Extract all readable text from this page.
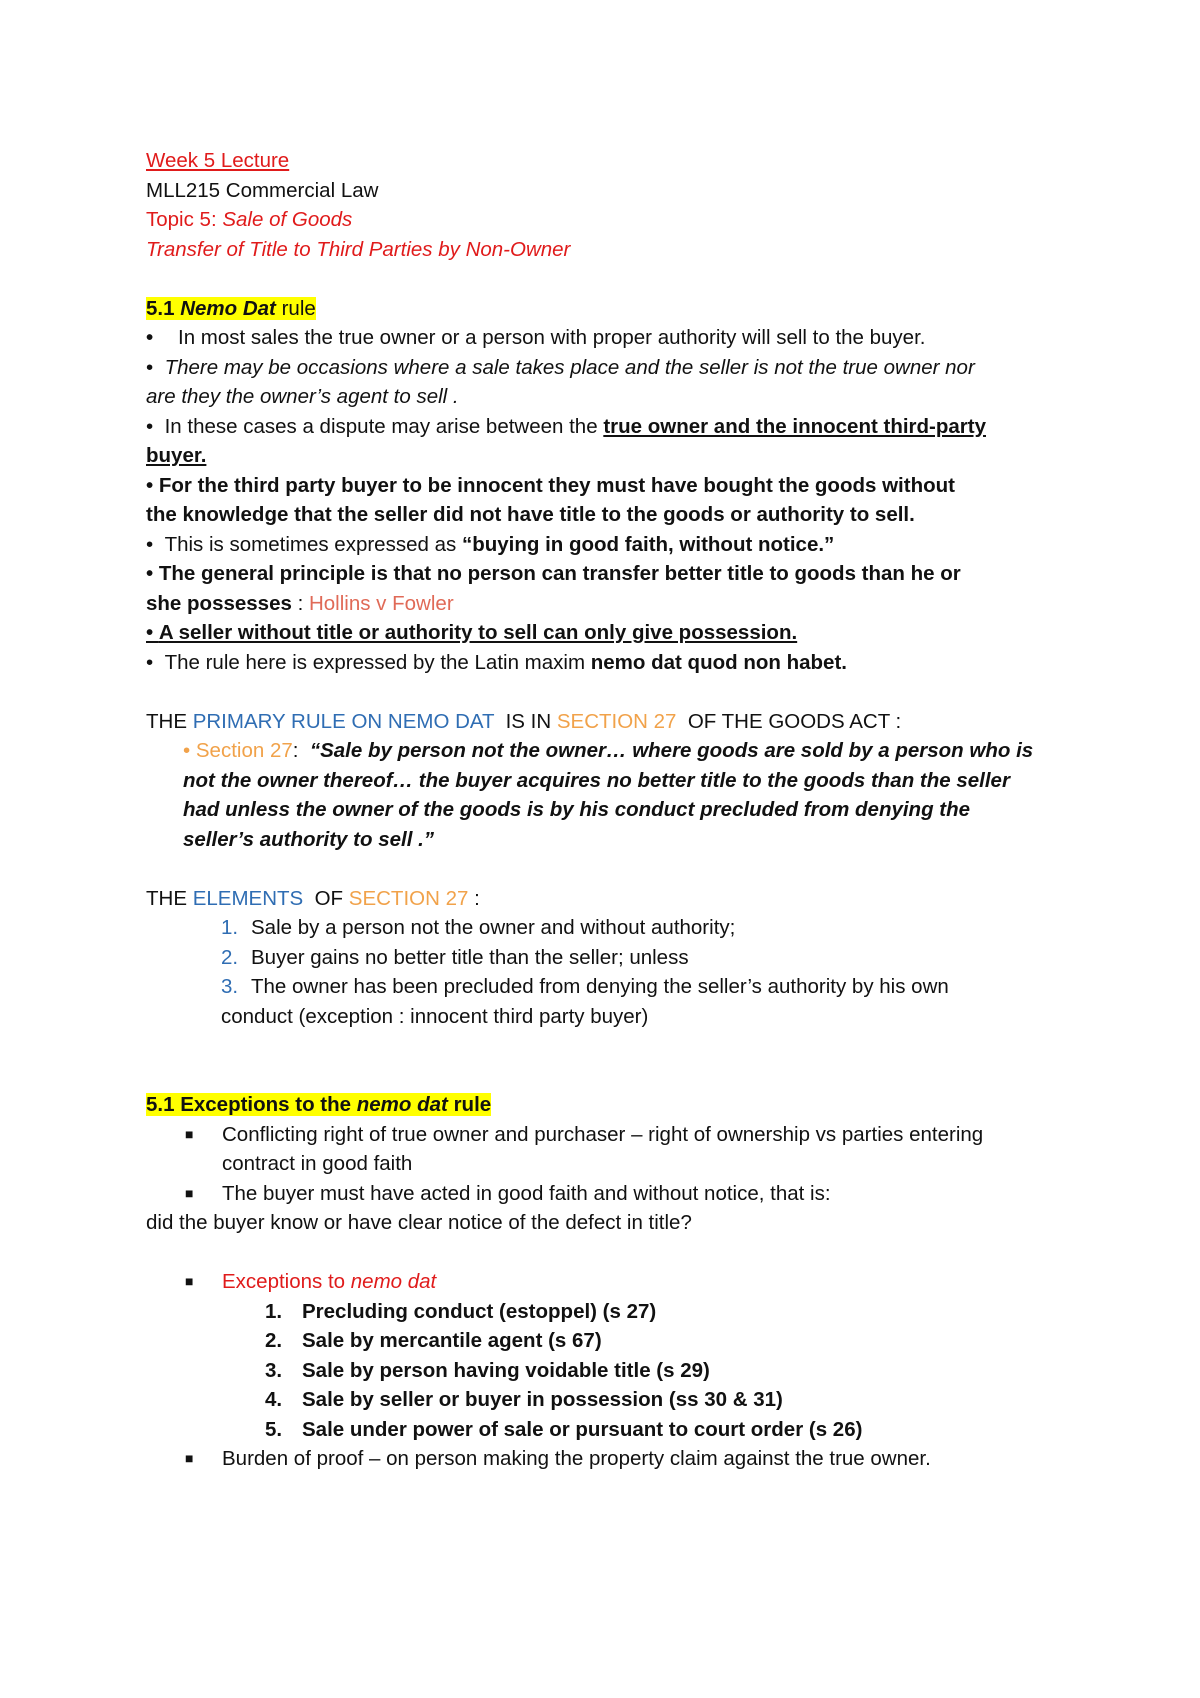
Week 5 Lecture
MLL215 Commercial Law
Topic 5: Sale of Goods
Transfer of Title to Third Parties by Non-Owner
5.1 Nemo Dat rule
• In most sales the true owner or a person with proper authority will sell to the buyer.
•  There may be occasions where a sale takes place and the seller is not the true owner nor
are they the owner’s agent to sell .
•  In these cases a dispute may arise between the true owner and the innocent third-party
buyer.
• For the third party buyer to be innocent they must have bought the goods without
the knowledge that the seller did not have title to the goods or authority to sell.
•  This is sometimes expressed as “buying in good faith, without notice.”
• The general principle is that no person can transfer better title to goods than he or
she possesses : Hollins v Fowler
• A seller without title or authority to sell can only give possession.
•  The rule here is expressed by the Latin maxim nemo dat quod non habet.
THE PRIMARY RULE ON NEMO DAT  IS IN SECTION 27  OF THE GOODS ACT :
• Section 27:  “Sale by person not the owner… where goods are sold by a person who is
not the owner thereof… the buyer acquires no better title to the goods than the seller
had unless the owner of the goods is by his conduct precluded from denying the
seller’s authority to sell .”
THE ELEMENTS  OF SECTION 27 :
1. Sale by a person not the owner and without authority;
2. Buyer gains no better title than the seller; unless
3. The owner has been precluded from denying the seller’s authority by his own
conduct (exception : innocent third party buyer)
5.1 Exceptions to the nemo dat rule
■ Conflicting right of true owner and purchaser – right of ownership vs parties entering
contract in good faith
■ The buyer must have acted in good faith and without notice, that is:
did the buyer know or have clear notice of the defect in title?
■ Exceptions to nemo dat
1. Precluding conduct (estoppel) (s 27)
2. Sale by mercantile agent (s 67)
3. Sale by person having voidable title (s 29)
4. Sale by seller or buyer in possession (ss 30 & 31)
5. Sale under power of sale or pursuant to court order (s 26)
■ Burden of proof – on person making the property claim against the true owner.
